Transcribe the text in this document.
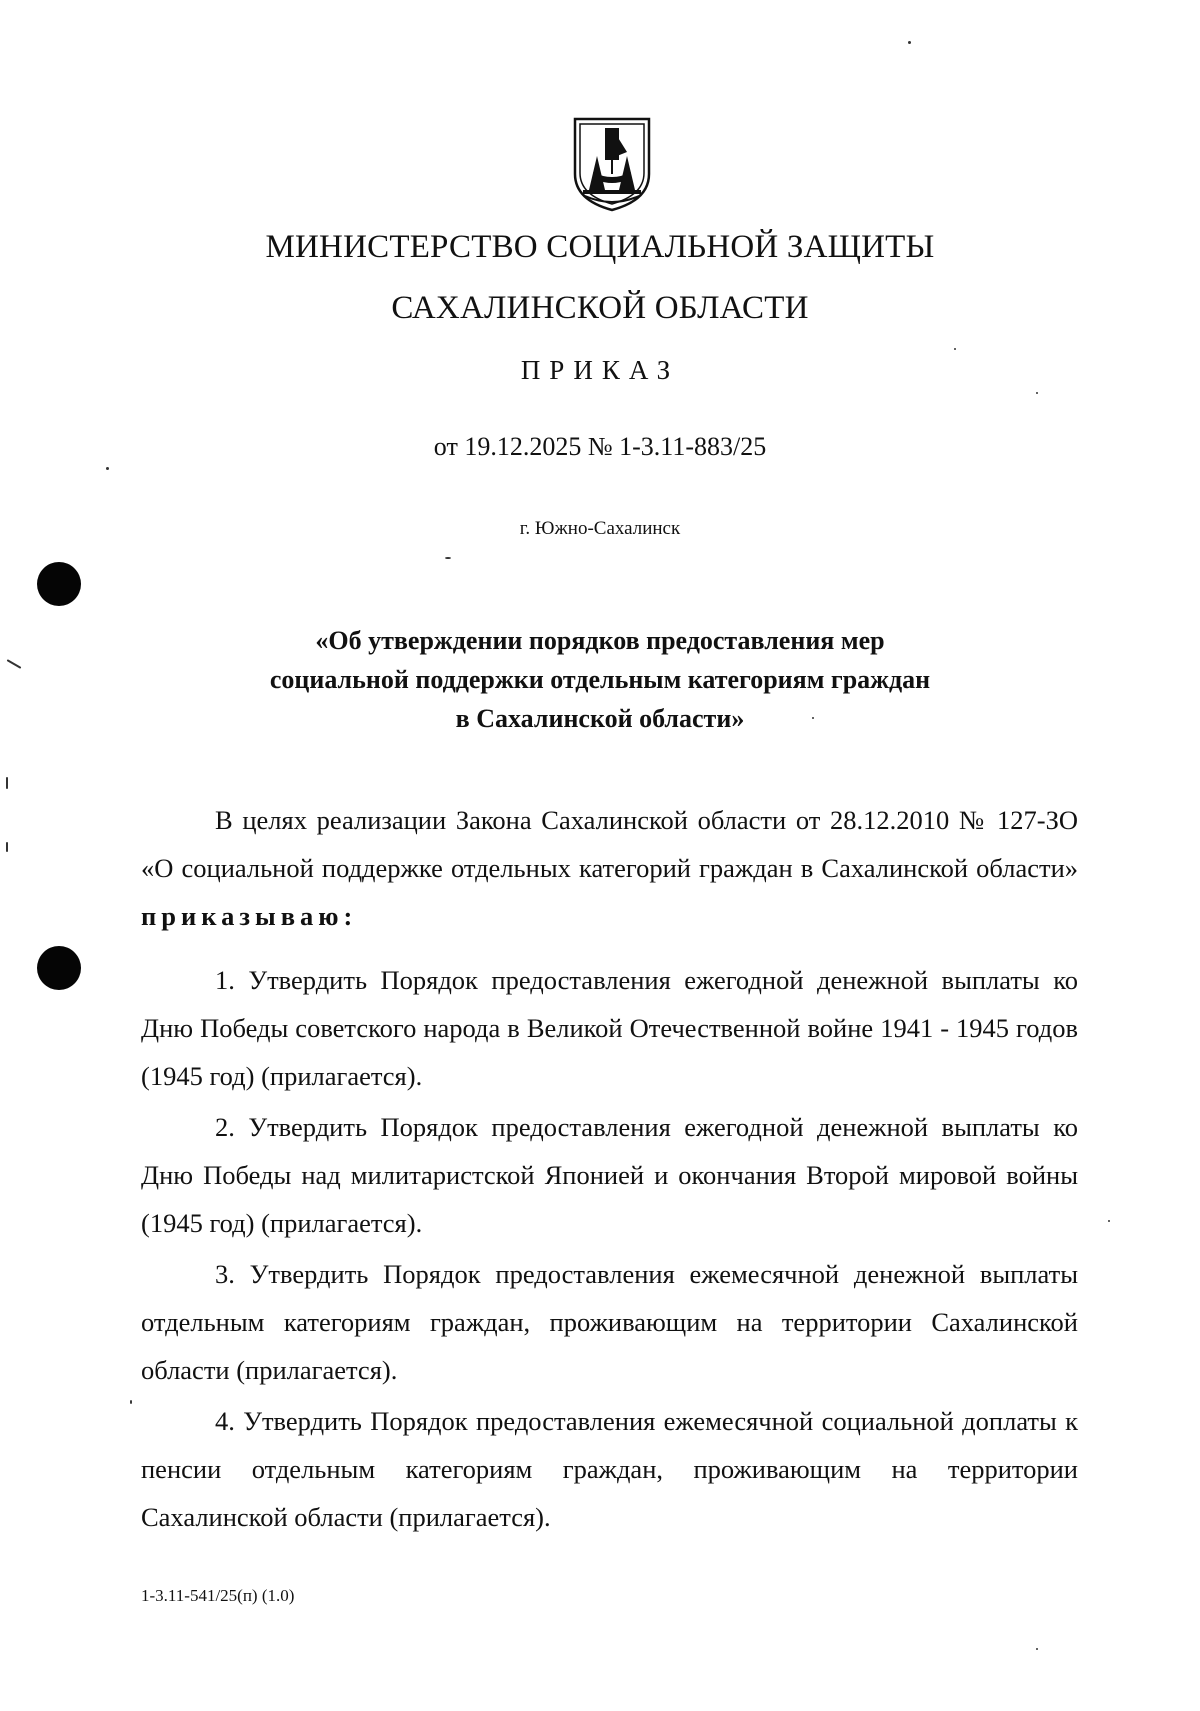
МИНИСТЕРСТВО СОЦИАЛЬНОЙ ЗАЩИТЫ
САХАЛИНСКОЙ ОБЛАСТИ
ПРИКАЗ
от 19.12.2025 № 1-3.11-883/25
г. Южно-Сахалинск
«Об утверждении порядков предоставления мер
социальной поддержки отдельным категориям граждан
в Сахалинской области»
В целях реализации Закона Сахалинской области от 28.12.2010 № 127-ЗО «О социальной поддержке отдельных категорий граждан в Сахалинской области» приказываю:
1. Утвердить Порядок предоставления ежегодной денежной выплаты ко Дню Победы советского народа в Великой Отечественной войне 1941 - 1945 годов (1945 год) (прилагается).
2. Утвердить Порядок предоставления ежегодной денежной выплаты ко Дню Победы над милитаристской Японией и окончания Второй мировой войны (1945 год) (прилагается).
3. Утвердить Порядок предоставления ежемесячной денежной выплаты отдельным категориям граждан, проживающим на территории Сахалинской области (прилагается).
4. Утвердить Порядок предоставления ежемесячной социальной доплаты к пенсии отдельным категориям граждан, проживающим на территории Сахалинской области (прилагается).
1-3.11-541/25(п) (1.0)
